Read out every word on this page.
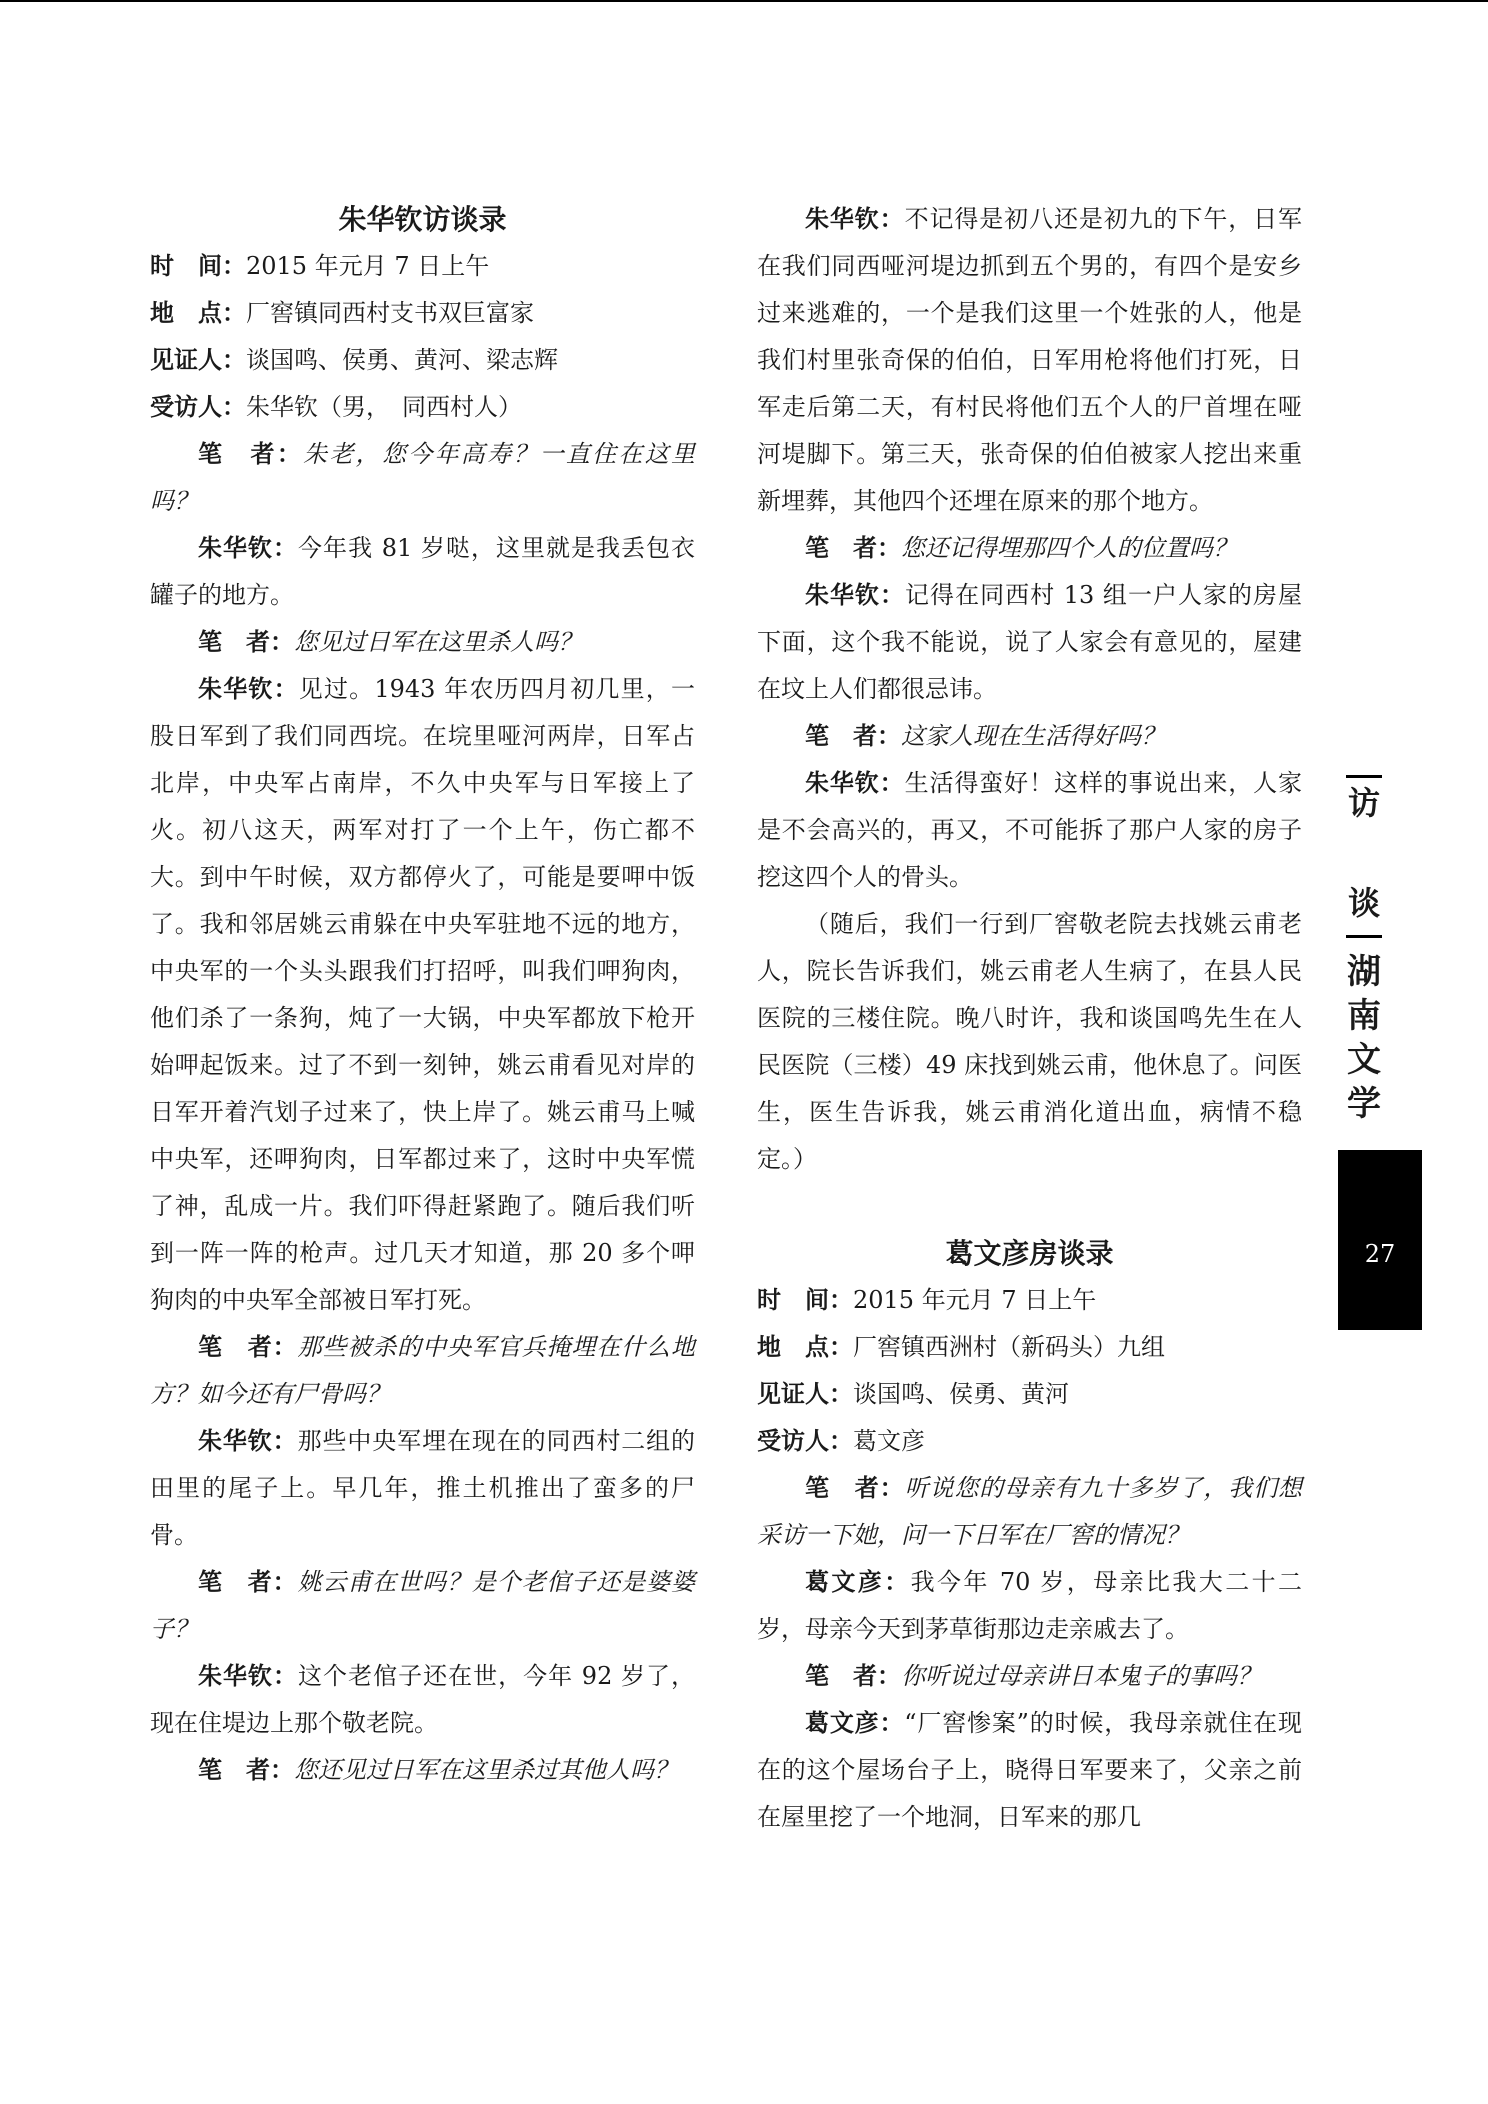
朱华钦访谈录

时　间：2015 年元月 7 日上午

地　点：厂窖镇同西村支书双巨富家

见证人：谈国鸣、侯勇、黄河、梁志辉

受访人：朱华钦（男，　同西村人）

笔　者：朱老，您今年高寿？一直住在这里吗？

朱华钦：今年我 81 岁哒，这里就是我丢包衣罐子的地方。

笔　者：您见过日军在这里杀人吗？

朱华钦：见过。1943 年农历四月初几里，一股日军到了我们同西垸。在垸里哑河两岸，日军占北岸，中央军占南岸，不久中央军与日军接上了火。初八这天，两军对打了一个上午，伤亡都不大。到中午时候，双方都停火了，可能是要呷中饭了。我和邻居姚云甫躲在中央军驻地不远的地方，中央军的一个头头跟我们打招呼，叫我们呷狗肉，他们杀了一条狗，炖了一大锅，中央军都放下枪开始呷起饭来。过了不到一刻钟，姚云甫看见对岸的日军开着汽划子过来了，快上岸了。姚云甫马上喊中央军，还呷狗肉，日军都过来了，这时中央军慌了神，乱成一片。我们吓得赶紧跑了。随后我们听到一阵一阵的枪声。过几天才知道，那 20 多个呷狗肉的中央军全部被日军打死。

笔　者：那些被杀的中央军官兵掩埋在什么地方？如今还有尸骨吗？

朱华钦：那些中央军埋在现在的同西村二组的田里的尾子上。早几年，推土机推出了蛮多的尸骨。

笔　者：姚云甫在世吗？是个老倌子还是婆婆子？

朱华钦：这个老倌子还在世，今年 92 岁了，现在住堤边上那个敬老院。

笔　者：您还见过日军在这里杀过其他人吗？

朱华钦：不记得是初八还是初九的下午，日军在我们同西哑河堤边抓到五个男的，有四个是安乡过来逃难的，一个是我们这里一个姓张的人，他是我们村里张奇保的伯伯，日军用枪将他们打死，日军走后第二天，有村民将他们五个人的尸首埋在哑河堤脚下。第三天，张奇保的伯伯被家人挖出来重新埋葬，其他四个还埋在原来的那个地方。

笔　者：您还记得埋那四个人的位置吗？

朱华钦：记得在同西村 13 组一户人家的房屋下面，这个我不能说，说了人家会有意见的，屋建在坟上人们都很忌讳。

笔　者：这家人现在生活得好吗？

朱华钦：生活得蛮好！这样的事说出来，人家是不会高兴的，再又，不可能拆了那户人家的房子挖这四个人的骨头。

（随后，我们一行到厂窖敬老院去找姚云甫老人，院长告诉我们，姚云甫老人生病了，在县人民医院的三楼住院。晚八时许，我和谈国鸣先生在人民医院（三楼）49 床找到姚云甫，他休息了。问医生，医生告诉我，姚云甫消化道出血，病情不稳定。）

葛文彦房谈录

时　间：2015 年元月 7 日上午

地　点：厂窖镇西洲村（新码头）九组

见证人：谈国鸣、侯勇、黄河

受访人：葛文彦

笔　者：听说您的母亲有九十多岁了，我们想采访一下她，问一下日军在厂窖的情况？

葛文彦：我今年 70 岁，母亲比我大二十二岁，母亲今天到茅草街那边走亲戚去了。

笔　者：你听说过母亲讲日本鬼子的事吗？

葛文彦：“厂窖惨案”的时候，我母亲就住在现在的这个屋场台子上，晓得日军要来了，父亲之前在屋里挖了一个地洞，日军来的那几

访
谈
湖南文学
27
